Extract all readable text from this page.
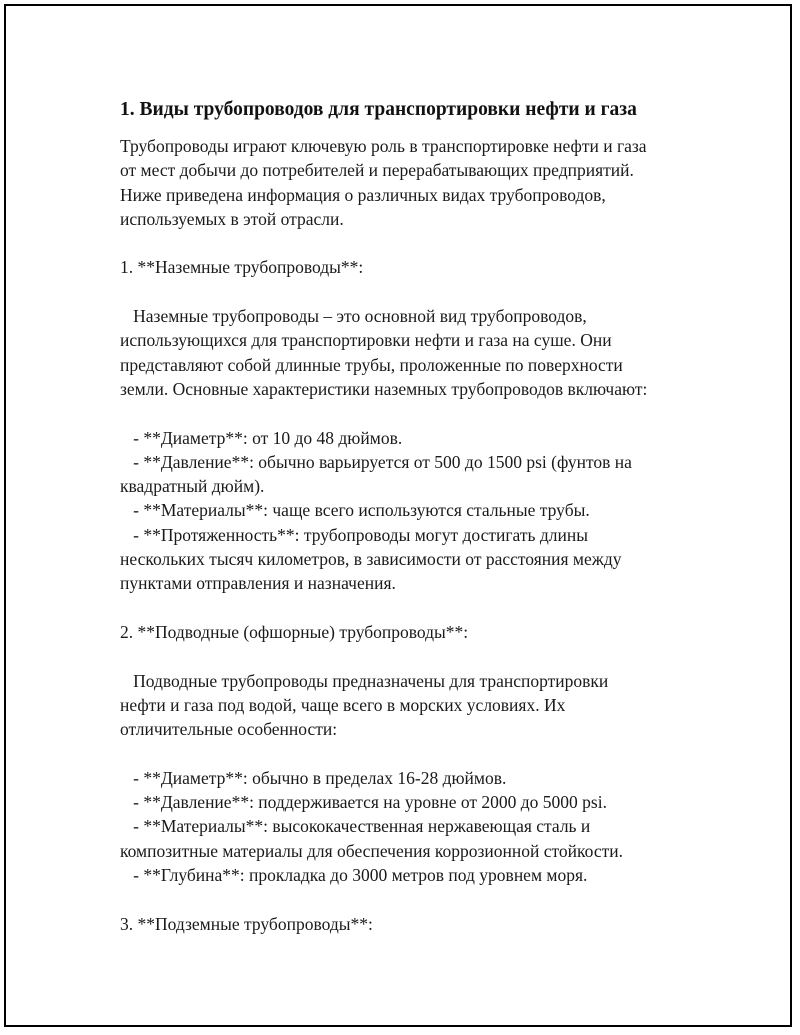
1. Виды трубопроводов для транспортировки нефти и газа

Трубопроводы играют ключевую роль в транспортировке нефти и газа
от мест добычи до потребителей и перерабатывающих предприятий.
Ниже приведена информация о различных видах трубопроводов,
используемых в этой отрасли.

1. **Наземные трубопроводы**:

Наземные трубопроводы – это основной вид трубопроводов,
использующихся для транспортировки нефти и газа на суше. Они
представляют собой длинные трубы, проложенные по поверхности
земли. Основные характеристики наземных трубопроводов включают:

- **Диаметр**: от 10 до 48 дюймов.

- **Давление**: обычно варьируется от 500 до 1500 psi (фунтов на
квадратный дюйм).

- **Материалы**: чаще всего используются стальные трубы.

- **Протяженность**: трубопроводы могут достигать длины
нескольких тысяч километров, в зависимости от расстояния между
пунктами отправления и назначения.

2. **Подводные (офшорные) трубопроводы**:

Подводные трубопроводы предназначены для транспортировки
нефти и газа под водой, чаще всего в морских условиях. Их
отличительные особенности:

- **Диаметр**: обычно в пределах 16-28 дюймов.

- **Давление**: поддерживается на уровне от 2000 до 5000 psi.

- **Материалы**: высококачественная нержавеющая сталь и
композитные материалы для обеспечения коррозионной стойкости.

- **Глубина**: прокладка до 3000 метров под уровнем моря.

3. **Подземные трубопроводы**:
